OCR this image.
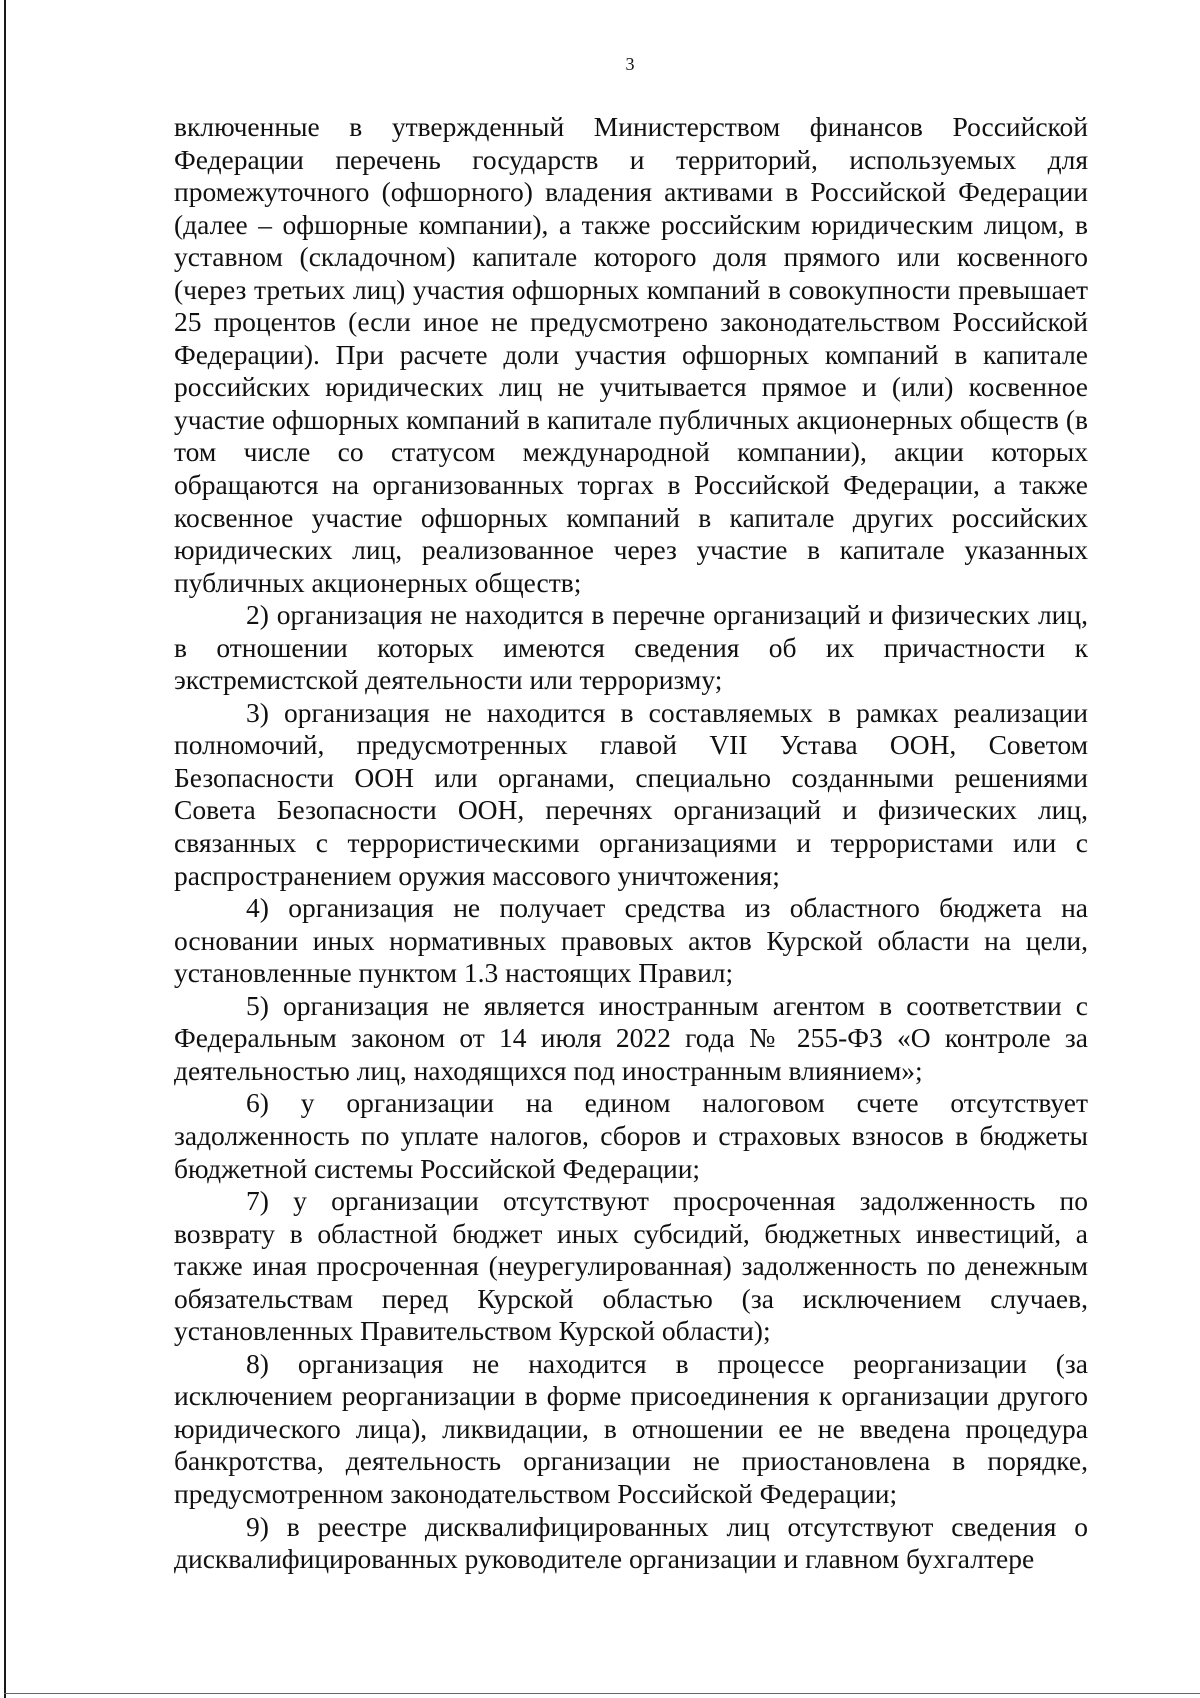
3

включенные в утвержденный Министерством финансов Российской Федерации перечень государств и территорий, используемых для промежуточного (офшорного) владения активами в Российской Федерации (далее – офшорные компании), а также российским юридическим лицом, в уставном (складочном) капитале которого доля прямого или косвенного (через третьих лиц) участия офшорных компаний в совокупности превышает 25 процентов (если иное не предусмотрено законодательством Российской Федерации). При расчете доли участия офшорных компаний в капитале российских юридических лиц не учитывается прямое и (или) косвенное участие офшорных компаний в капитале публичных акционерных обществ (в том числе со статусом международной компании), акции которых обращаются на организованных торгах в Российской Федерации, а также косвенное участие офшорных компаний в капитале других российских юридических лиц, реализованное через участие в капитале указанных публичных акционерных обществ;

2) организация не находится в перечне организаций и физических лиц, в отношении которых имеются сведения об их причастности к экстремистской деятельности или терроризму;

3) организация не находится в составляемых в рамках реализации полномочий, предусмотренных главой VII Устава ООН, Советом Безопасности ООН или органами, специально созданными решениями Совета Безопасности ООН, перечнях организаций и физических лиц, связанных с террористическими организациями и террористами или с распространением оружия массового уничтожения;

4) организация не получает средства из областного бюджета на основании иных нормативных правовых актов Курской области на цели, установленные пунктом 1.3 настоящих Правил;

5) организация не является иностранным агентом в соответствии с Федеральным законом от 14 июля 2022 года № 255-ФЗ «О контроле за деятельностью лиц, находящихся под иностранным влиянием»;

6) у организации на едином налоговом счете отсутствует задолженность по уплате налогов, сборов и страховых взносов в бюджеты бюджетной системы Российской Федерации;

7) у организации отсутствуют просроченная задолженность по возврату в областной бюджет иных субсидий, бюджетных инвестиций, а также иная просроченная (неурегулированная) задолженность по денежным обязательствам перед Курской областью (за исключением случаев, установленных Правительством Курской области);

8) организация не находится в процессе реорганизации (за исключением реорганизации в форме присоединения к организации другого юридического лица), ликвидации, в отношении ее не введена процедура банкротства, деятельность организации не приостановлена в порядке, предусмотренном законодательством Российской Федерации;

9) в реестре дисквалифицированных лиц отсутствуют сведения о дисквалифицированных руководителе организации и главном бухгалтере
